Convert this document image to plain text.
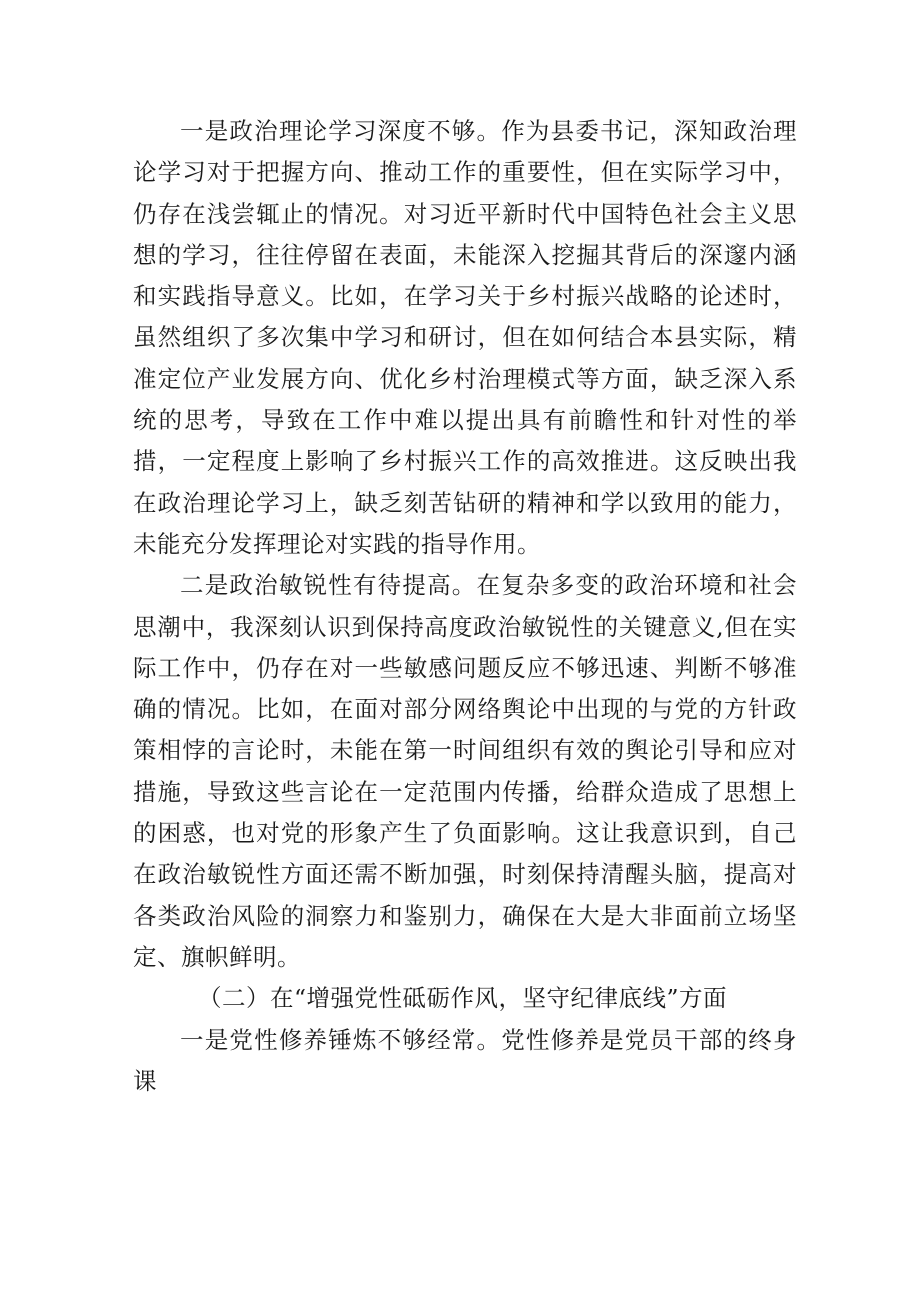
一是政治理论学习深度不够。作为县委书记，深知政治理论学习对于把握方向、推动工作的重要性，但在实际学习中，仍存在浅尝辄止的情况。对习近平新时代中国特色社会主义思想的学习，往往停留在表面，未能深入挖掘其背后的深邃内涵和实践指导意义。比如，在学习关于乡村振兴战略的论述时，虽然组织了多次集中学习和研讨，但在如何结合本县实际，精准定位产业发展方向、优化乡村治理模式等方面，缺乏深入系统的思考，导致在工作中难以提出具有前瞻性和针对性的举措，一定程度上影响了乡村振兴工作的高效推进。这反映出我在政治理论学习上，缺乏刻苦钻研的精神和学以致用的能力，未能充分发挥理论对实践的指导作用。

二是政治敏锐性有待提高。在复杂多变的政治环境和社会思潮中，我深刻认识到保持高度政治敏锐性的关键意义,但在实际工作中，仍存在对一些敏感问题反应不够迅速、判断不够准确的情况。比如，在面对部分网络舆论中出现的与党的方针政策相悖的言论时，未能在第一时间组织有效的舆论引导和应对措施，导致这些言论在一定范围内传播，给群众造成了思想上的困惑，也对党的形象产生了负面影响。这让我意识到，自己在政治敏锐性方面还需不断加强，时刻保持清醒头脑，提高对各类政治风险的洞察力和鉴别力，确保在大是大非面前立场坚定、旗帜鲜明。

（二）在“增强党性砥砺作风，坚守纪律底线”方面

一是党性修养锤炼不够经常。党性修养是党员干部的终身课
